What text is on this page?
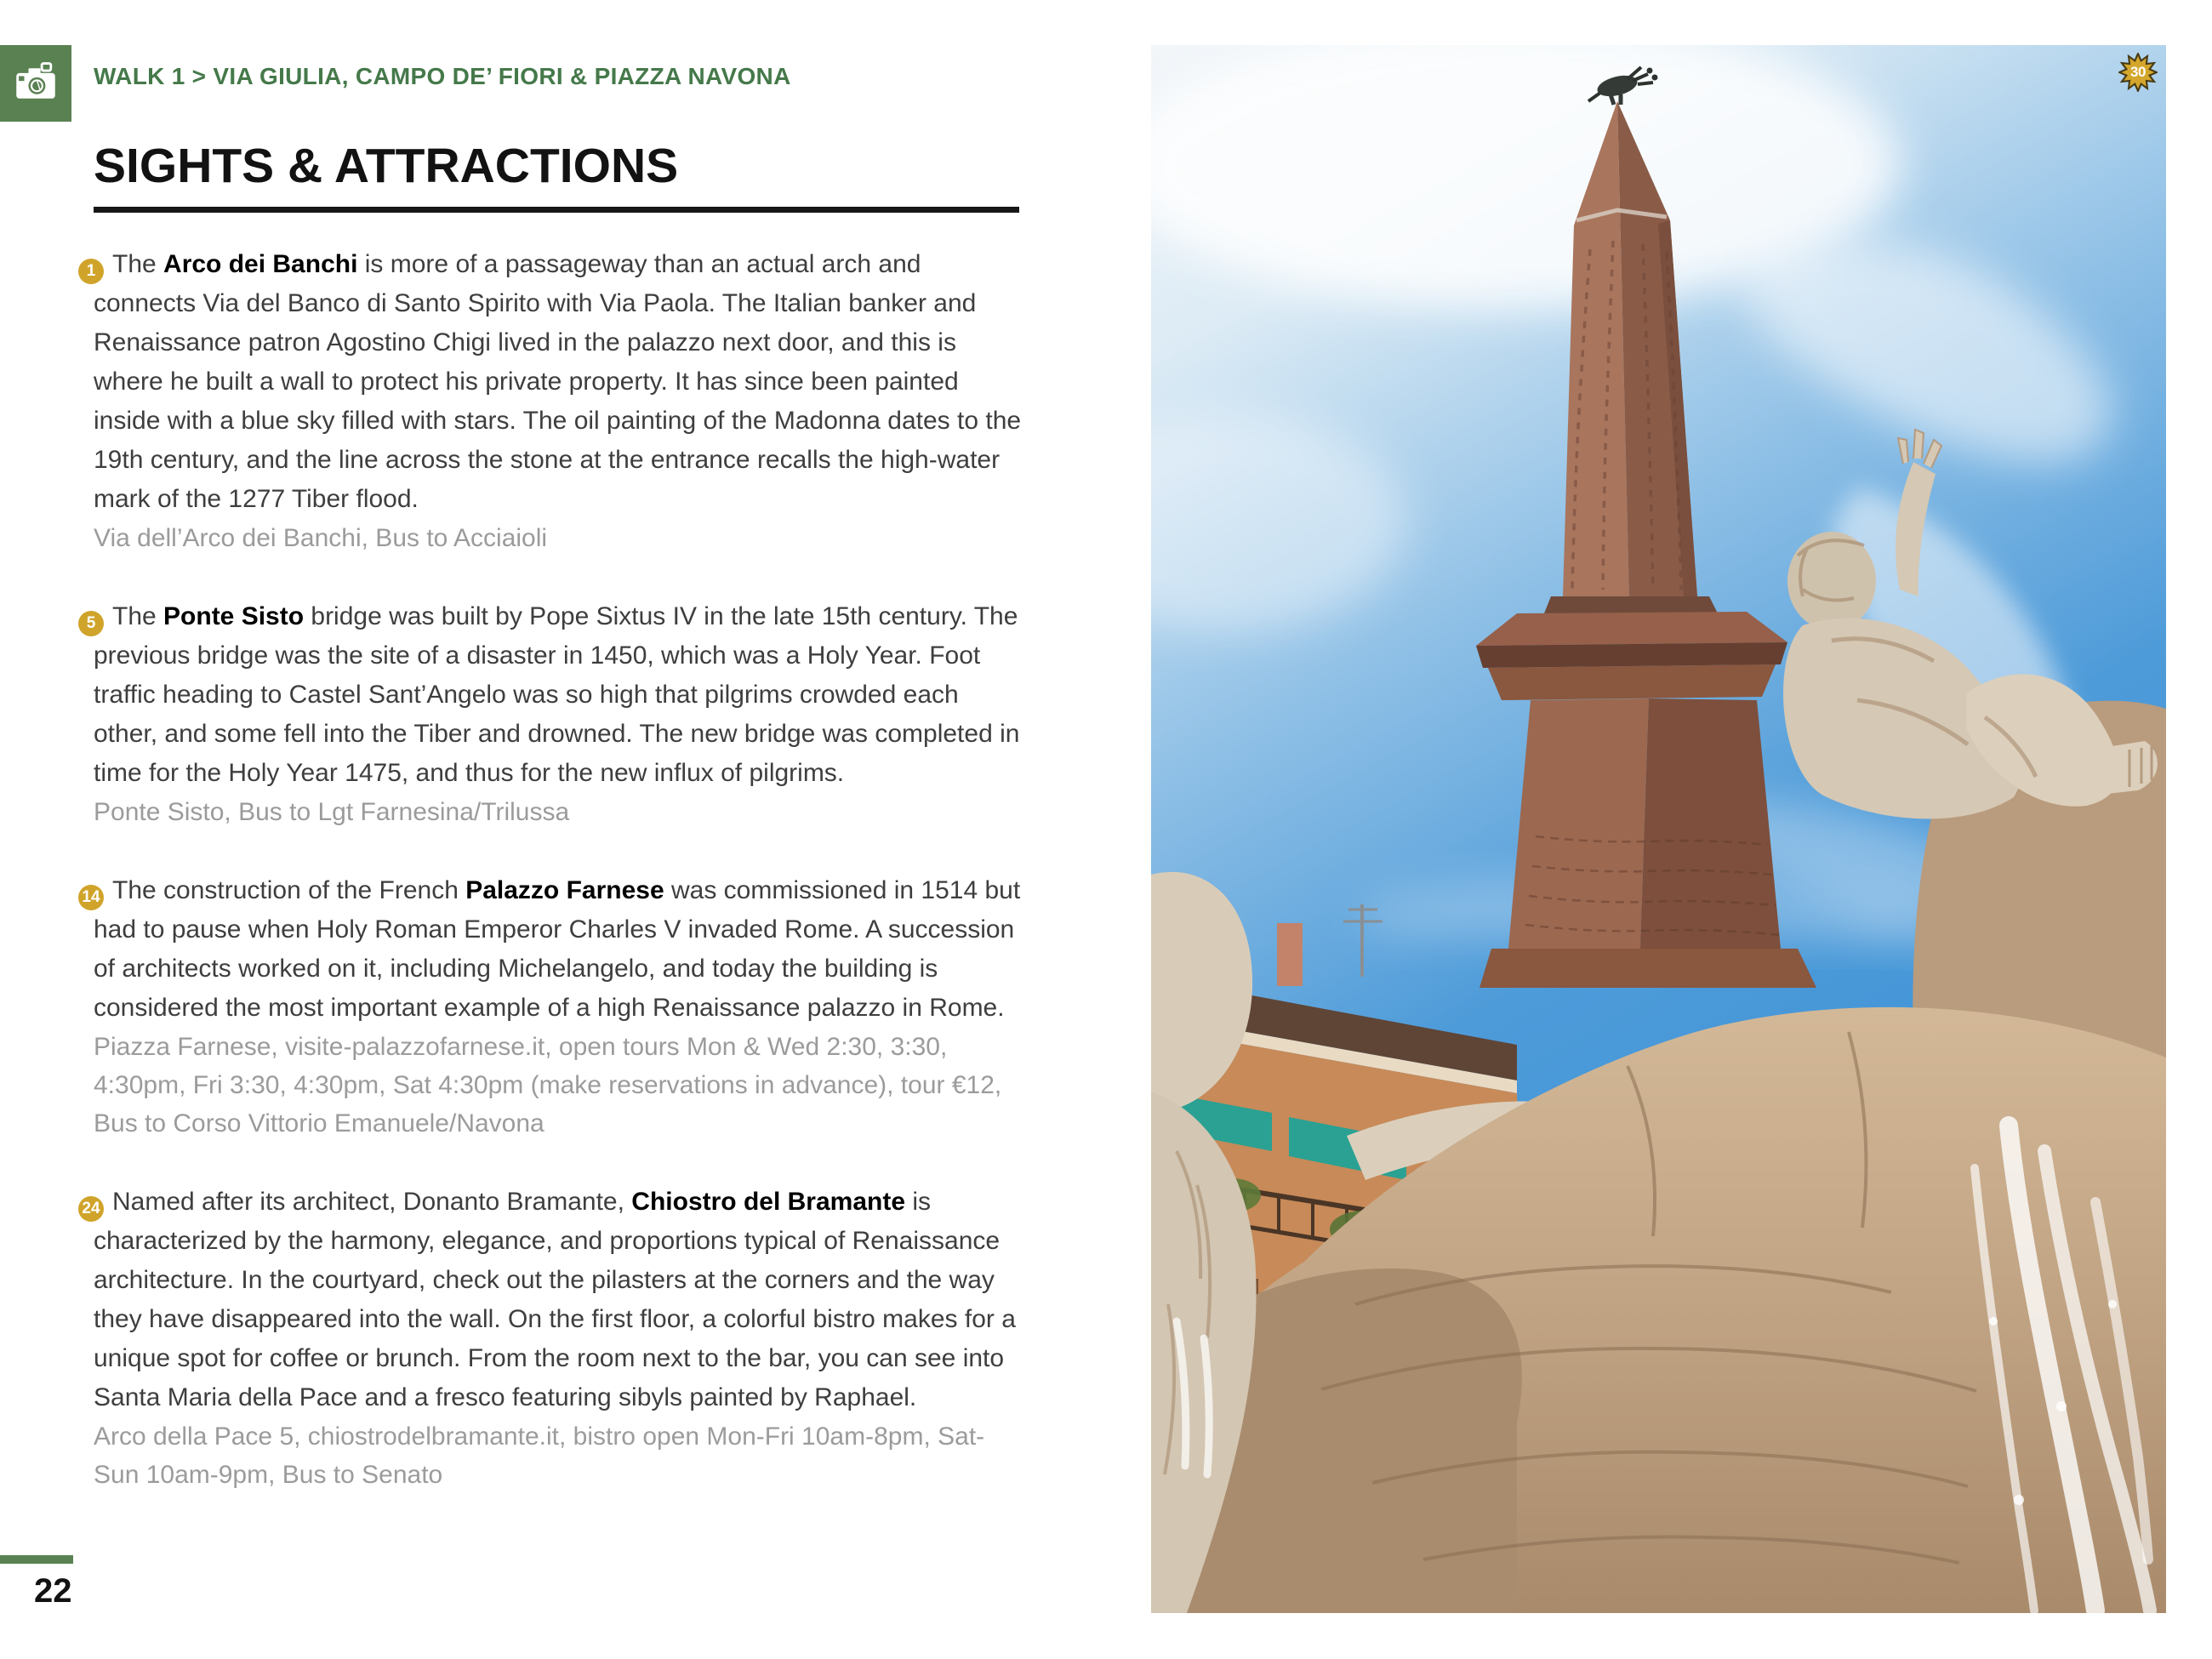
WALK 1 > VIA GIULIA, CAMPO DE’ FIORI & PIAZZA NAVONA
SIGHTS & ATTRACTIONS

1 The Arco dei Banchi is more of a passageway than an actual arch and connects Via del Banco di Santo Spirito with Via Paola. The Italian banker and Renaissance patron Agostino Chigi lived in the palazzo next door, and this is where he built a wall to protect his private property. It has since been painted inside with a blue sky filled with stars. The oil painting of the Madonna dates to the 19th century, and the line across the stone at the entrance recalls the high-water mark of the 1277 Tiber flood.

Via dell’Arco dei Banchi, Bus to Acciaioli

5 The Ponte Sisto bridge was built by Pope Sixtus IV in the late 15th century. The previous bridge was the site of a disaster in 1450, which was a Holy Year. Foot traffic heading to Castel Sant’Angelo was so high that pilgrims crowded each other, and some fell into the Tiber and drowned. The new bridge was completed in time for the Holy Year 1475, and thus for the new influx of pilgrims.

Ponte Sisto, Bus to Lgt Farnesina/Trilussa

14 The construction of the French Palazzo Farnese was commissioned in 1514 but had to pause when Holy Roman Emperor Charles V invaded Rome. A succession of architects worked on it, including Michelangelo, and today the building is considered the most important example of a high Renaissance palazzo in Rome.

Piazza Farnese, visite-palazzofarnese.it, open tours Mon & Wed 2:30, 3:30, 4:30pm, Fri 3:30, 4:30pm, Sat 4:30pm (make reservations in advance), tour €12, Bus to Corso Vittorio Emanuele/Navona

24 Named after its architect, Donanto Bramante, Chiostro del Bramante is characterized by the harmony, elegance, and proportions typical of Renaissance architecture. In the courtyard, check out the pilasters at the corners and the way they have disappeared into the wall. On the first floor, a colorful bistro makes for a unique spot for coffee or brunch. From the room next to the bar, you can see into Santa Maria della Pace and a fresco featuring sibyls painted by Raphael.

Arco della Pace 5, chiostrodelbramante.it, bistro open Mon-Fri 10am-8pm, Sat-Sun 10am-9pm, Bus to Senato

22
30
